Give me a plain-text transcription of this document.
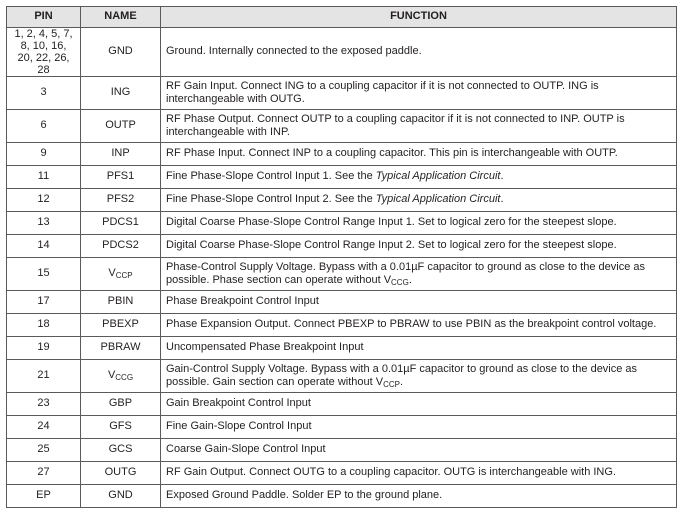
PIN	NAME	FUNCTION
1, 2, 4, 5, 7, 8, 10, 16, 20, 22, 26, 28	GND	Ground. Internally connected to the exposed paddle.
3	ING	RF Gain Input. Connect ING to a coupling capacitor if it is not connected to OUTP. ING is interchangeable with OUTG.
6	OUTP	RF Phase Output. Connect OUTP to a coupling capacitor if it is not connected to INP. OUTP is interchangeable with INP.
9	INP	RF Phase Input. Connect INP to a coupling capacitor. This pin is interchangeable with OUTP.
11	PFS1	Fine Phase-Slope Control Input 1. See the Typical Application Circuit.
12	PFS2	Fine Phase-Slope Control Input 2. See the Typical Application Circuit.
13	PDCS1	Digital Coarse Phase-Slope Control Range Input 1. Set to logical zero for the steepest slope.
14	PDCS2	Digital Coarse Phase-Slope Control Range Input 2. Set to logical zero for the steepest slope.
15	VCCP	Phase-Control Supply Voltage. Bypass with a 0.01µF capacitor to ground as close to the device as possible. Phase section can operate without VCCG.
17	PBIN	Phase Breakpoint Control Input
18	PBEXP	Phase Expansion Output. Connect PBEXP to PBRAW to use PBIN as the breakpoint control voltage.
19	PBRAW	Uncompensated Phase Breakpoint Input
21	VCCG	Gain-Control Supply Voltage. Bypass with a 0.01µF capacitor to ground as close to the device as possible. Gain section can operate without VCCP.
23	GBP	Gain Breakpoint Control Input
24	GFS	Fine Gain-Slope Control Input
25	GCS	Coarse Gain-Slope Control Input
27	OUTG	RF Gain Output. Connect OUTG to a coupling capacitor. OUTG is interchangeable with ING.
EP	GND	Exposed Ground Paddle. Solder EP to the ground plane.
